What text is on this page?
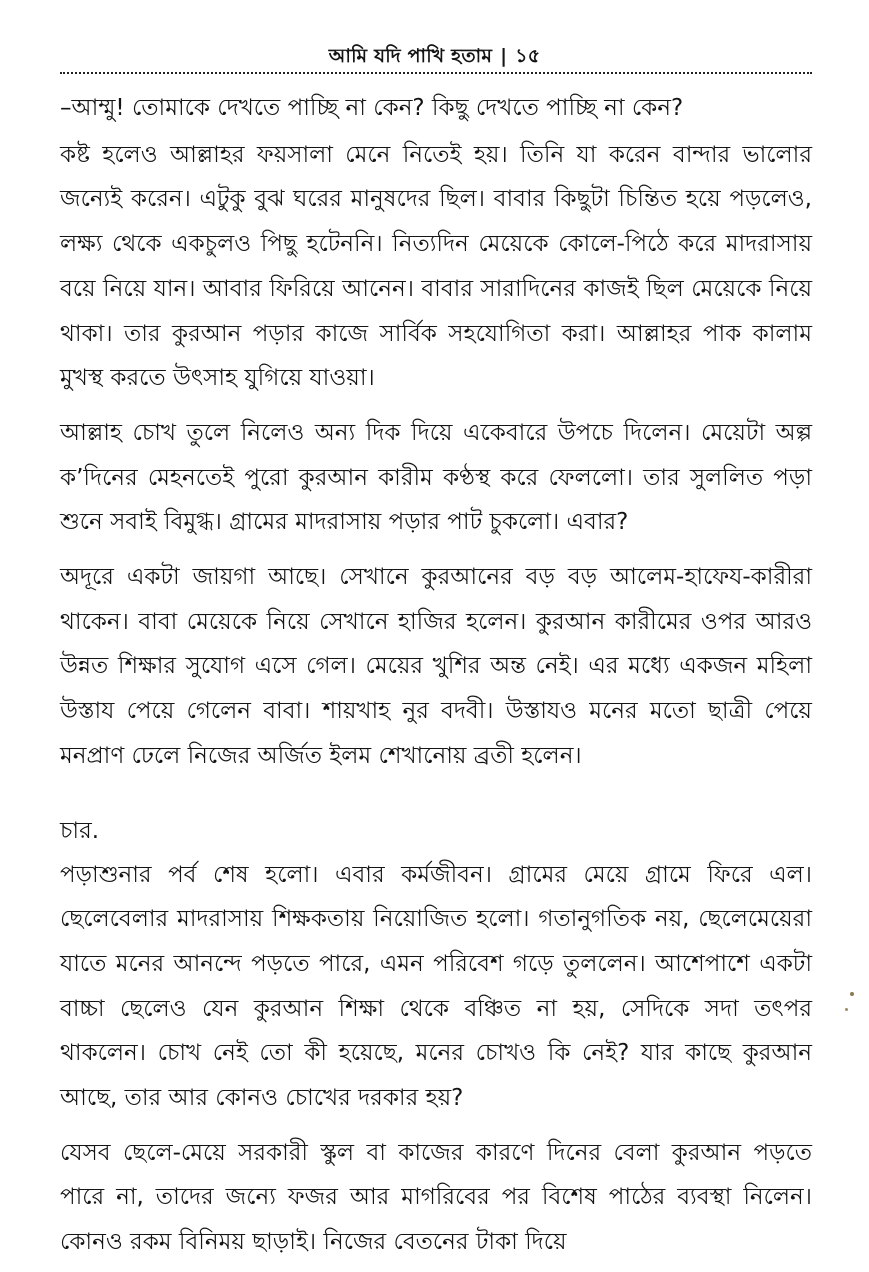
আমি যদি পাখি হতাম | ১৫

–আম্মু! তোমাকে দেখতে পাচ্ছি না কেন? কিছু দেখতে পাচ্ছি না কেন?

কষ্ট হলেও আল্লাহর ফয়সালা মেনে নিতেই হয়। তিনি যা করেন বান্দার ভালোর জন্যেই করেন। এটুকু বুঝ ঘরের মানুষদের ছিল। বাবার কিছুটা চিন্তিত হয়ে পড়লেও, লক্ষ্য থেকে একচুলও পিছু হটেননি। নিত্যদিন মেয়েকে কোলে-পিঠে করে মাদরাসায় বয়ে নিয়ে যান। আবার ফিরিয়ে আনেন। বাবার সারাদিনের কাজই ছিল মেয়েকে নিয়ে থাকা। তার কুরআন পড়ার কাজে সার্বিক সহযোগিতা করা। আল্লাহর পাক কালাম মুখস্থ করতে উৎসাহ যুগিয়ে যাওয়া।

আল্লাহ চোখ তুলে নিলেও অন্য দিক দিয়ে একেবারে উপচে দিলেন। মেয়েটা অল্প ক’দিনের মেহনতেই পুরো কুরআন কারীম কণ্ঠস্থ করে ফেললো। তার সুললিত পড়া শুনে সবাই বিমুগ্ধ। গ্রামের মাদরাসায় পড়ার পাট চুকলো। এবার?

অদূরে একটা জায়গা আছে। সেখানে কুরআনের বড় বড় আলেম-হাফেয-কারীরা থাকেন। বাবা মেয়েকে নিয়ে সেখানে হাজির হলেন। কুরআন কারীমের ওপর আরও উন্নত শিক্ষার সুযোগ এসে গেল। মেয়ের খুশির অন্ত নেই। এর মধ্যে একজন মহিলা উস্তায পেয়ে গেলেন বাবা। শায়খাহ নুর বদবী। উস্তাযও মনের মতো ছাত্রী পেয়ে মনপ্রাণ ঢেলে নিজের অর্জিত ইলম শেখানোয় ব্রতী হলেন।

চার.

পড়াশুনার পর্ব শেষ হলো। এবার কর্মজীবন। গ্রামের মেয়ে গ্রামে ফিরে এল। ছেলেবেলার মাদরাসায় শিক্ষকতায় নিয়োজিত হলো। গতানুগতিক নয়, ছেলেমেয়েরা যাতে মনের আনন্দে পড়তে পারে, এমন পরিবেশ গড়ে তুললেন। আশেপাশে একটা বাচ্চা ছেলেও যেন কুরআন শিক্ষা থেকে বঞ্চিত না হয়, সেদিকে সদা তৎপর থাকলেন। চোখ নেই তো কী হয়েছে, মনের চোখও কি নেই? যার কাছে কুরআন আছে, তার আর কোনও চোখের দরকার হয়?

যেসব ছেলে-মেয়ে সরকারী স্কুল বা কাজের কারণে দিনের বেলা কুরআন পড়তে পারে না, তাদের জন্যে ফজর আর মাগরিবের পর বিশেষ পাঠের ব্যবস্থা নিলেন। কোনও রকম বিনিময় ছাড়াই। নিজের বেতনের টাকা দিয়ে
